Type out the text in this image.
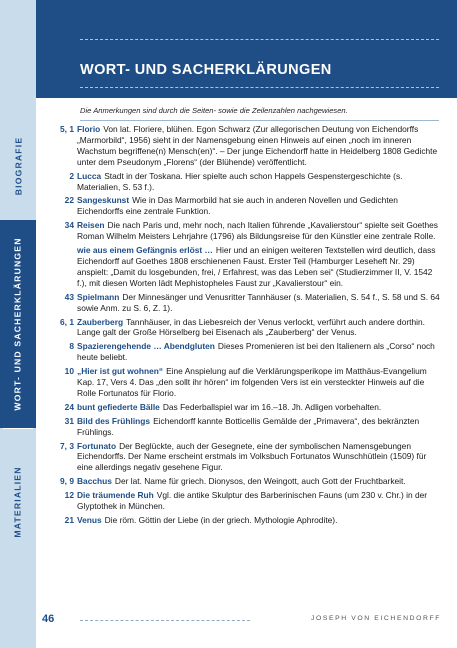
BIOGRAFIE
WORT- UND SACHERKLÄRUNGEN
MATERIALIEN
WORT- UND SACHERKLÄRUNGEN
Die Anmerkungen sind durch die Seiten- sowie die Zeilenzahlen nachgewiesen.
5, 1 Florio Von lat. Floriere, blühen. Egon Schwarz (Zur allegorischen Deutung von Eichendorffs „Marmorbild“, 1956) sieht in der Namensgebung einen Hinweis auf einen „noch im inneren Wachstum begriffene(n) Mensch(en)“. – Der junge Eichendorff hatte in Heidelberg 1808 Gedichte unter dem Pseudonym „Florens“ (der Blühende) veröffentlicht.
2 Lucca Stadt in der Toskana. Hier spielte auch schon Happels Gespenstergeschichte (s. Materialien, S. 53 f.).
22 Sangeskunst Wie in Das Marmorbild hat sie auch in anderen Novellen und Gedichten Eichendorffs eine zentrale Funktion.
34 Reisen Die nach Paris und, mehr noch, nach Italien führende „Kavalierstour“ spielte seit Goethes Roman Wilhelm Meisters Lehrjahre (1796) als Bildungsreise für den Künstler eine zentrale Rolle.
wie aus einem Gefängnis erlöst … Hier und an einigen weiteren Textstellen wird deutlich, dass Eichendorff auf Goethes 1808 erschienenen Faust. Erster Teil (Hamburger Leseheft Nr. 29) anspielt: „Damit du losgebunden, frei, / Erfahrest, was das Leben sei“ (Studierzimmer II, V. 1542 f.), mit diesen Worten lädt Mephistopheles Faust zur „Kavalierstour“ ein.
43 Spielmann Der Minnesänger und Venusritter Tannhäuser (s. Materialien, S. 54 f., S. 58 und S. 64 sowie Anm. zu S. 6, Z. 1).
6, 1 Zauberberg Tannhäuser, in das Liebesreich der Venus verlockt, verführt auch andere dorthin. Lange galt der Große Hörselberg bei Eisenach als „Zauberberg“ der Venus.
8 Spazierengehende … Abendgluten Dieses Promenieren ist bei den Italienern als „Corso“ noch heute beliebt.
10 „Hier ist gut wohnen“ Eine Anspielung auf die Verklärungsperikope im Matthäus-Evangelium Kap. 17, Vers 4. Das „den sollt ihr hören“ im folgenden Vers ist ein versteckter Hinweis auf die Rolle Fortunatos für Florio.
24 bunt gefiederte Bälle Das Federballspiel war im 16.–18. Jh. Adligen vorbehalten.
31 Bild des Frühlings Eichendorff kannte Botticellis Gemälde der „Primavera“, des bekränzten Frühlings.
7, 3 Fortunato Der Beglückte, auch der Gesegnete, eine der symbolischen Namensgebungen Eichendorffs. Der Name erscheint erstmals im Volksbuch Fortunatos Wunschhütlein (1509) für eine allerdings negativ gesehene Figur.
9, 9 Bacchus Der lat. Name für griech. Dionysos, den Weingott, auch Gott der Fruchtbarkeit.
12 Die träumende Ruh Vgl. die antike Skulptur des Barberinischen Fauns (um 230 v. Chr.) in der Glyptothek in München.
21 Venus Die röm. Göttin der Liebe (in der griech. Mythologie Aphrodite).
46	JOSEPH VON EICHENDORFF
